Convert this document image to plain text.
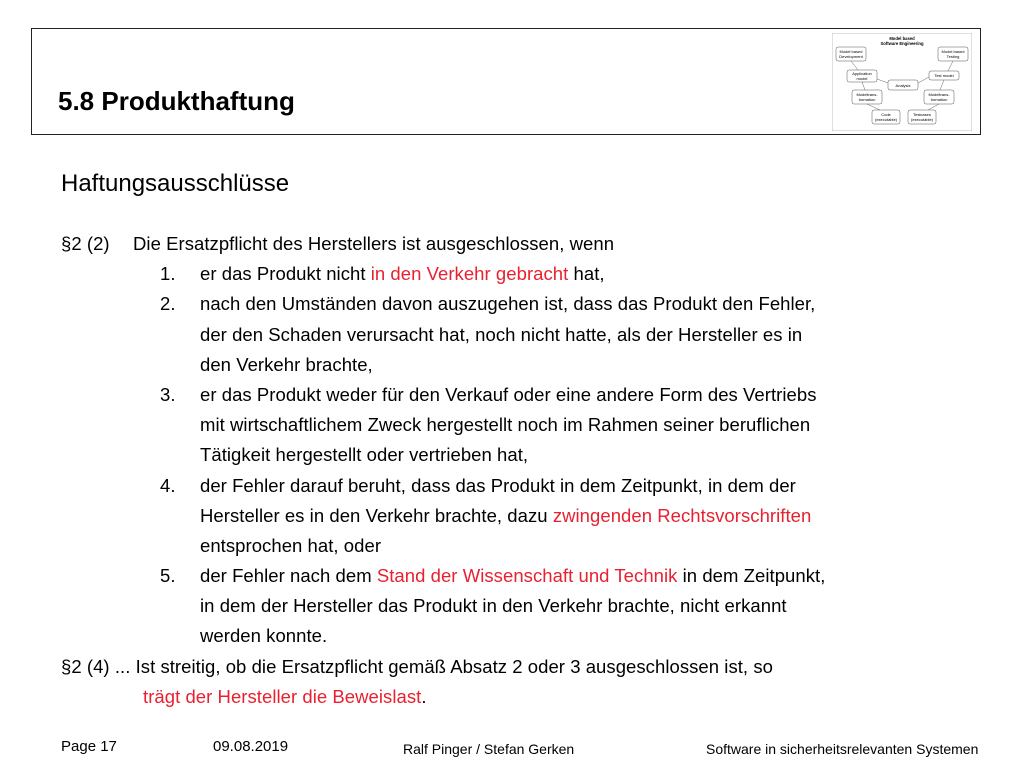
5.8 Produkthaftung
Model based
Software Engineering
Model based
Development
Model based
Testing
Application
model
Test model
Analysis
Modeltrans-
formation
Modeltrans-
formation
Code
(executable)
Testcases
(executable)
Haftungsausschlüsse
§2 (2) Die Ersatzpflicht des Herstellers ist ausgeschlossen, wenn
1. er das Produkt nicht in den Verkehr gebracht hat,
2. nach den Umständen davon auszugehen ist, dass das Produkt den Fehler,
der den Schaden verursacht hat, noch nicht hatte, als der Hersteller es in
den Verkehr brachte,
3. er das Produkt weder für den Verkauf oder eine andere Form des Vertriebs
mit wirtschaftlichem Zweck hergestellt noch im Rahmen seiner beruflichen
Tätigkeit hergestellt oder vertrieben hat,
4. der Fehler darauf beruht, dass das Produkt in dem Zeitpunkt, in dem der
Hersteller es in den Verkehr brachte, dazu zwingenden Rechtsvorschriften
entsprochen hat, oder
5. der Fehler nach dem Stand der Wissenschaft und Technik in dem Zeitpunkt,
in dem der Hersteller das Produkt in den Verkehr brachte, nicht erkannt
werden konnte.
§2 (4) ... Ist streitig, ob die Ersatzpflicht gemäß Absatz 2 oder 3 ausgeschlossen ist, so
trägt der Hersteller die Beweislast.
Page 17	09.08.2019	Ralf Pinger / Stefan Gerken	Software in sicherheitsrelevanten Systemen
